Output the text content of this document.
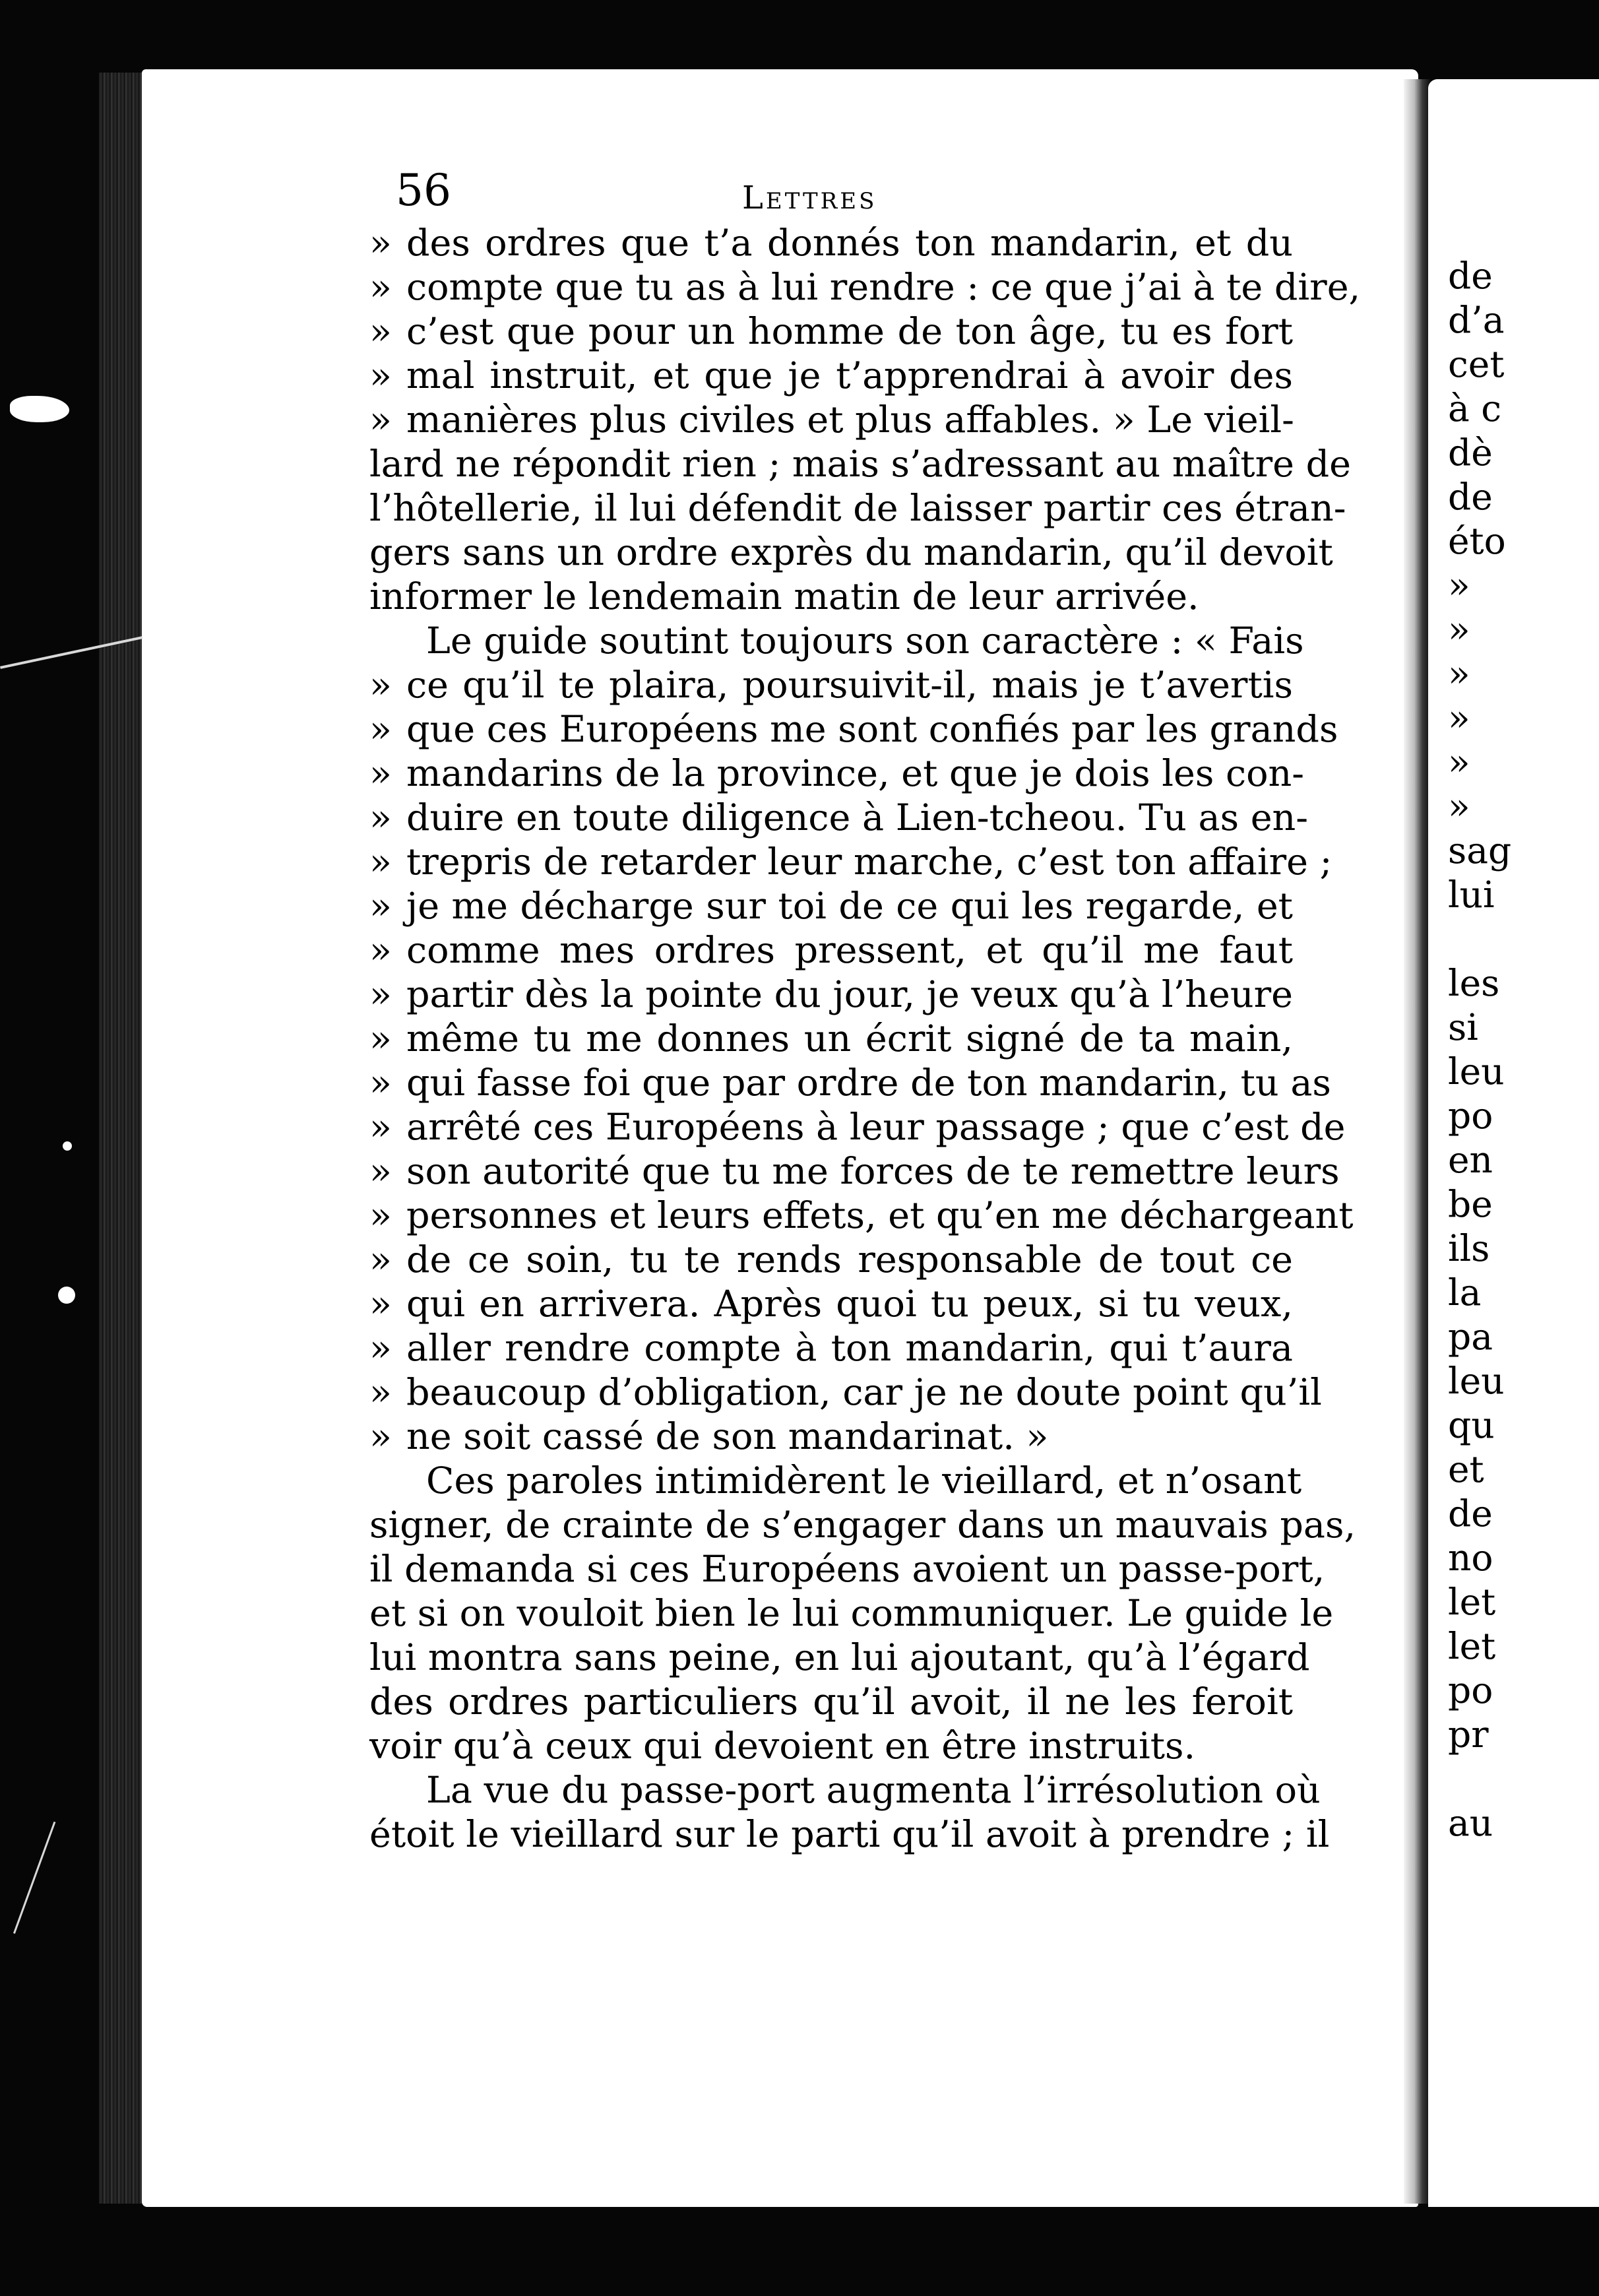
56	Lettres
» des ordres que t’a donnés ton mandarin, et du
» compte que tu as à lui rendre : ce que j’ai à te dire,
» c’est que pour un homme de ton âge, tu es fort
» mal instruit, et que je t’apprendrai à avoir des
» manières plus civiles et plus affables. » Le vieil-
lard ne répondit rien ; mais s’adressant au maître de
l’hôtellerie, il lui défendit de laisser partir ces étran-
gers sans un ordre exprès du mandarin, qu’il devoit
informer le lendemain matin de leur arrivée.
Le guide soutint toujours son caractère : « Fais
» ce qu’il te plaira, poursuivit-il, mais je t’avertis
» que ces Européens me sont confiés par les grands
» mandarins de la province, et que je dois les con-
» duire en toute diligence à Lien-tcheou. Tu as en-
» trepris de retarder leur marche, c’est ton affaire ;
» je me décharge sur toi de ce qui les regarde, et
» comme mes ordres pressent, et qu’il me faut
» partir dès la pointe du jour, je veux qu’à l’heure
» même tu me donnes un écrit signé de ta main,
» qui fasse foi que par ordre de ton mandarin, tu as
» arrêté ces Européens à leur passage ; que c’est de
» son autorité que tu me forces de te remettre leurs
» personnes et leurs effets, et qu’en me déchargeant
» de ce soin, tu te rends responsable de tout ce
» qui en arrivera. Après quoi tu peux, si tu veux,
» aller rendre compte à ton mandarin, qui t’aura
» beaucoup d’obligation, car je ne doute point qu’il
» ne soit cassé de son mandarinat. »
Ces paroles intimidèrent le vieillard, et n’osant
signer, de crainte de s’engager dans un mauvais pas,
il demanda si ces Européens avoient un passe-port,
et si on vouloit bien le lui communiquer. Le guide le
lui montra sans peine, en lui ajoutant, qu’à l’égard
des ordres particuliers qu’il avoit, il ne les feroit
voir qu’à ceux qui devoient en être instruits.
La vue du passe-port augmenta l’irrésolution où
étoit le vieillard sur le parti qu’il avoit à prendre ; il
de
d’a
cet
à c
dè
de
éto
»
»
»
»
»
»
sag
lui
les
si
leu
po
en
be
ils
la
pa
leu
qu
et
de
no
let
let
po
pr
au
